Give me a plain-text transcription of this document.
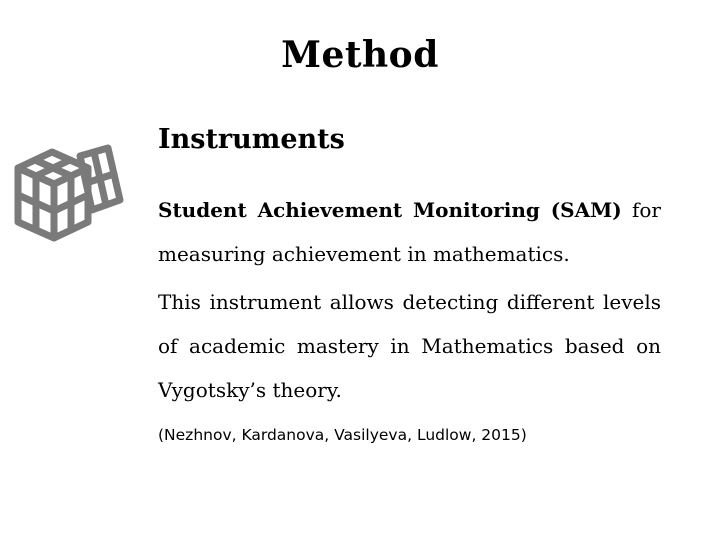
Method
Instruments

Student Achievement Monitoring (SAM) for measuring achievement in mathematics.

This instrument allows detecting different levels of academic mastery in Mathematics based on Vygotsky’s theory.

(Nezhnov, Kardanova, Vasilyeva, Ludlow, 2015)
